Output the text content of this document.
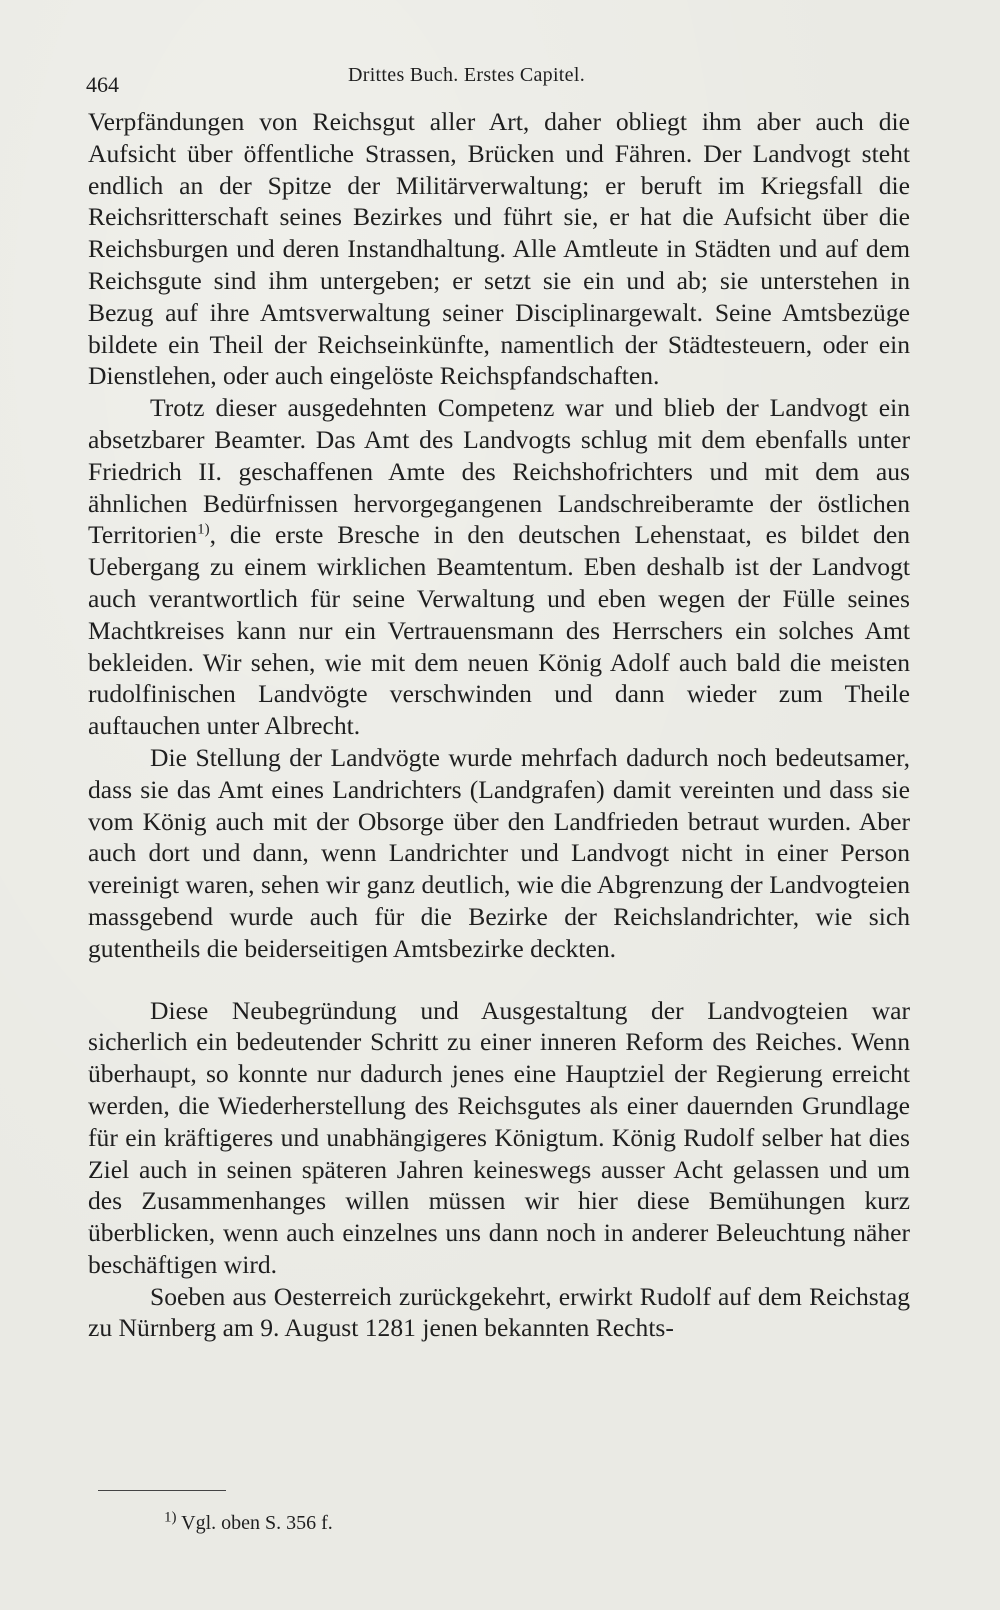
464	Drittes Buch. Erstes Capitel.

Verpfändungen von Reichsgut aller Art, daher obliegt ihm aber auch die Aufsicht über öffentliche Strassen, Brücken und Fähren. Der Landvogt steht endlich an der Spitze der Militärverwaltung; er beruft im Kriegsfall die Reichsritterschaft seines Bezirkes und führt sie, er hat die Aufsicht über die Reichsburgen und deren Instandhaltung. Alle Amtleute in Städten und auf dem Reichsgute sind ihm untergeben; er setzt sie ein und ab; sie unterstehen in Bezug auf ihre Amtsverwaltung seiner Disciplinargewalt. Seine Amtsbezüge bildete ein Theil der Reichseinkünfte, namentlich der Städtesteuern, oder ein Dienstlehen, oder auch eingelöste Reichspfandschaften.

Trotz dieser ausgedehnten Competenz war und blieb der Landvogt ein absetzbarer Beamter. Das Amt des Landvogts schlug mit dem ebenfalls unter Friedrich II. geschaffenen Amte des Reichshofrichters und mit dem aus ähnlichen Bedürfnissen hervorgegangenen Landschreiberamte der östlichen Territorien$^{1)}$, die erste Bresche in den deutschen Lehenstaat, es bildet den Uebergang zu einem wirklichen Beamtentum. Eben deshalb ist der Landvogt auch verantwortlich für seine Verwaltung und eben wegen der Fülle seines Machtkreises kann nur ein Vertrauensmann des Herrschers ein solches Amt bekleiden. Wir sehen, wie mit dem neuen König Adolf auch bald die meisten rudolfinischen Landvögte verschwinden und dann wieder zum Theile auftauchen unter Albrecht.

Die Stellung der Landvögte wurde mehrfach dadurch noch bedeutsamer, dass sie das Amt eines Landrichters (Landgrafen) damit vereinten und dass sie vom König auch mit der Obsorge über den Landfrieden betraut wurden. Aber auch dort und dann, wenn Landrichter und Landvogt nicht in einer Person vereinigt waren, sehen wir ganz deutlich, wie die Abgrenzung der Landvogteien massgebend wurde auch für die Bezirke der Reichslandrichter, wie sich gutentheils die beiderseitigen Amtsbezirke deckten.

Diese Neubegründung und Ausgestaltung der Landvogteien war sicherlich ein bedeutender Schritt zu einer inneren Reform des Reiches. Wenn überhaupt, so konnte nur dadurch jenes eine Hauptziel der Regierung erreicht werden, die Wiederherstellung des Reichsgutes als einer dauernden Grundlage für ein kräftigeres und unabhängigeres Königtum. König Rudolf selber hat dies Ziel auch in seinen späteren Jahren keineswegs ausser Acht gelassen und um des Zusammenhanges willen müssen wir hier diese Bemühungen kurz überblicken, wenn auch einzelnes uns dann noch in anderer Beleuchtung näher beschäftigen wird.

Soeben aus Oesterreich zurückgekehrt, erwirkt Rudolf auf dem Reichstag zu Nürnberg am 9. August 1281 jenen bekannten Rechts-

$^{1)}$ Vgl. oben S. 356 f.
